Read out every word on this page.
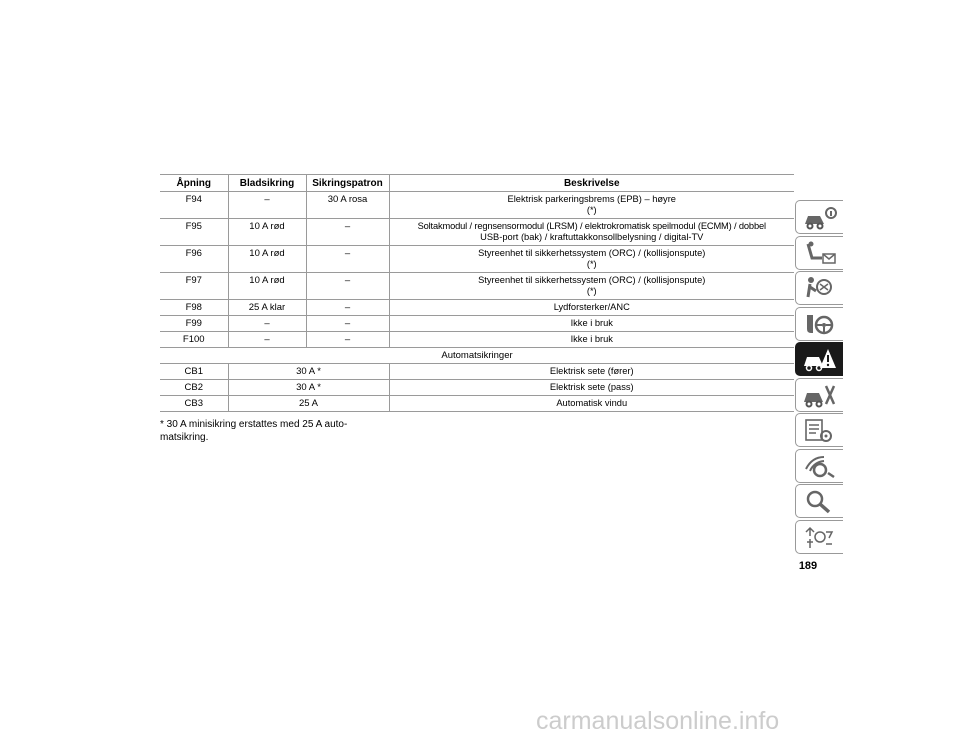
Åpning	Bladsikring	Sikringspatron	Beskrivelse
F94	–	30 A rosa	Elektrisk parkeringsbrems (EPB) – høyre
(*)

F95	10 A rød	–	Soltakmodul / regnsensormodul (LRSM) / elektrokromatisk speilmodul (ECMM) / dobbel
USB-port (bak) / kraftuttakkonsollbelysning / digital-TV

F96	10 A rød	–	Styreenhet til sikkerhetssystem (ORC) / (kollisjonspute)
(*)

F97	10 A rød	–	Styreenhet til sikkerhetssystem (ORC) / (kollisjonspute)
(*)

F98	25 A klar	–	Lydforsterker/ANC

F99	–	–	Ikke i bruk

F100	–	–	Ikke i bruk

Automatsikringer			
CB1	30 A *		Elektrisk sete (fører)
CB2	30 A *		Elektrisk sete (pass)
CB3	25 A		Automatisk vindu
* 30 A minisikring erstattes med 25 A auto-
matsikring.
189
carmanualsonline.info
